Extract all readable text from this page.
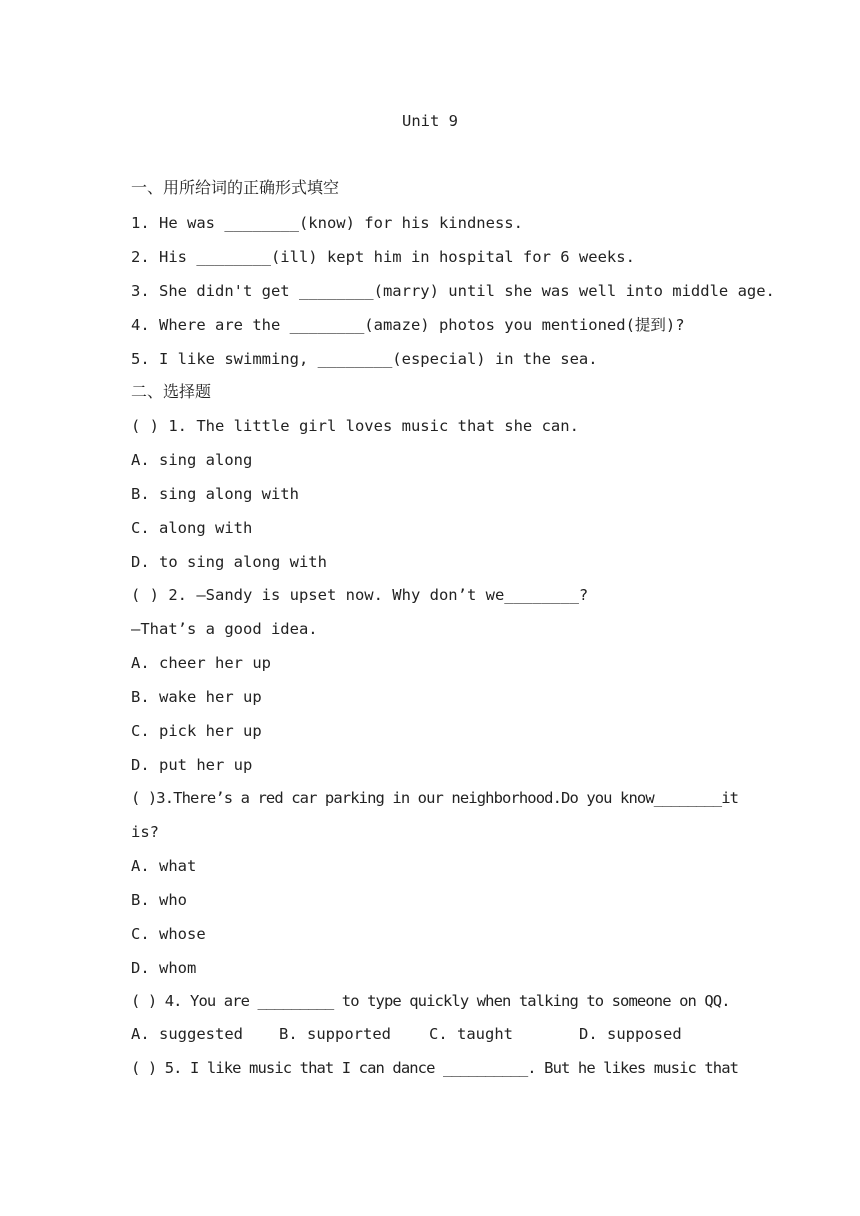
Unit 9
一、用所给词的正确形式填空
1. He was ________(know) for his kindness.
2. His ________(ill) kept him in hospital for 6 weeks.
3. She didn't get ________(marry) until she was well into middle age.
4. Where are the ________(amaze) photos you mentioned(提到)?
5. I like swimming, ________(especial) in the sea.
二、选择题
( ) 1. The little girl loves music that she can.
A. sing along
B. sing along with
C. along with
D. to sing along with
( ) 2. —Sandy is upset now. Why don’t we________?
—That’s a good idea.
A. cheer her up
B. wake her up
C. pick her up
D. put her up
( )3.There’s a red car parking in our neighborhood.Do you know________it
is?
A. what
B. who
C. whose
D. whom
( ) 4. You are _________ to type quickly when talking to someone on QQ.

A. suggested

B. supported

C. taught

	D. supposed

( ) 5. I like music that I can dance __________. But he likes music that
